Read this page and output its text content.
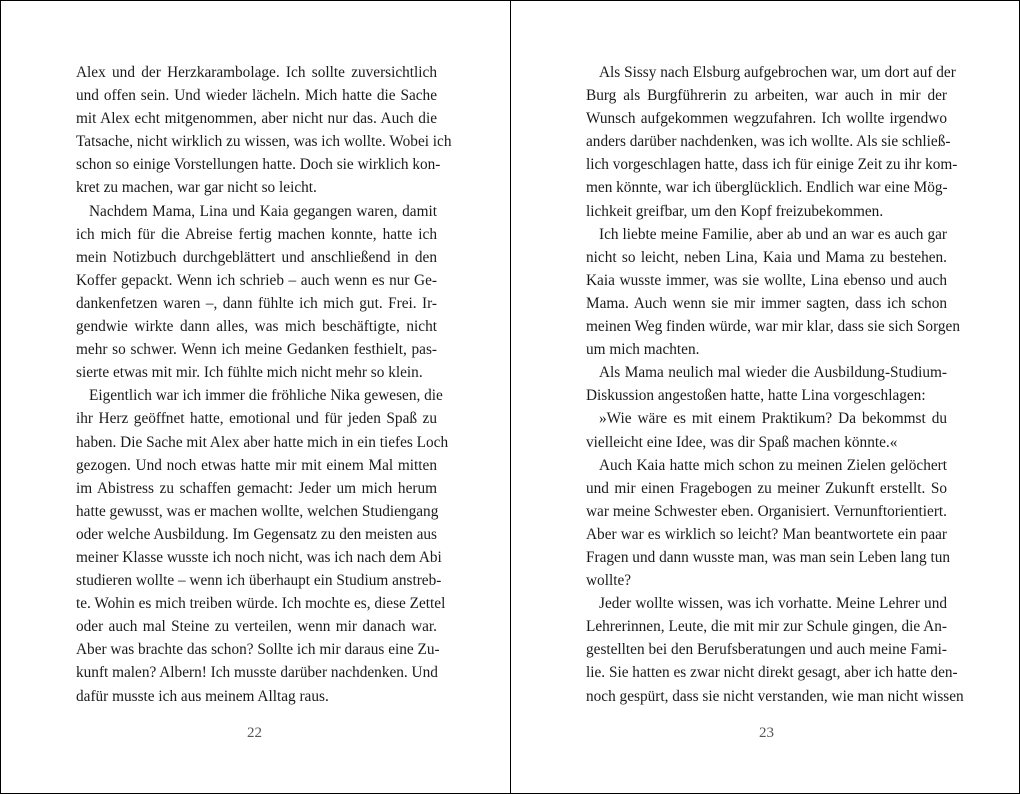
Alex und der Herzkarambolage. Ich sollte zuversichtlich
und offen sein. Und wieder lächeln. Mich hatte die Sache
mit Alex echt mitgenommen, aber nicht nur das. Auch die
Tatsache, nicht wirklich zu wissen, was ich wollte. Wobei ich
schon so einige Vorstellungen hatte. Doch sie wirklich kon-
kret zu machen, war gar nicht so leicht.
Nachdem Mama, Lina und Kaia gegangen waren, damit
ich mich für die Abreise fertig machen konnte, hatte ich
mein Notizbuch durchgeblättert und anschließend in den
Koffer gepackt. Wenn ich schrieb – auch wenn es nur Ge-
dankenfetzen waren –, dann fühlte ich mich gut. Frei. Ir-
gendwie wirkte dann alles, was mich beschäftigte, nicht
mehr so schwer. Wenn ich meine Gedanken festhielt, pas-
sierte etwas mit mir. Ich fühlte mich nicht mehr so klein.
Eigentlich war ich immer die fröhliche Nika gewesen, die
ihr Herz geöffnet hatte, emotional und für jeden Spaß zu
haben. Die Sache mit Alex aber hatte mich in ein tiefes Loch
gezogen. Und noch etwas hatte mir mit einem Mal mitten
im Abistress zu schaffen gemacht: Jeder um mich herum
hatte gewusst, was er machen wollte, welchen Studiengang
oder welche Ausbildung. Im Gegensatz zu den meisten aus
meiner Klasse wusste ich noch nicht, was ich nach dem Abi
studieren wollte – wenn ich überhaupt ein Studium anstreb-
te. Wohin es mich treiben würde. Ich mochte es, diese Zettel
oder auch mal Steine zu verteilen, wenn mir danach war.
Aber was brachte das schon? Sollte ich mir daraus eine Zu-
kunft malen? Albern! Ich musste darüber nachdenken. Und
dafür musste ich aus meinem Alltag raus.
22
Als Sissy nach Elsburg aufgebrochen war, um dort auf der
Burg als Burgführerin zu arbeiten, war auch in mir der
Wunsch aufgekommen wegzufahren. Ich wollte irgendwo
anders darüber nachdenken, was ich wollte. Als sie schließ-
lich vorgeschlagen hatte, dass ich für einige Zeit zu ihr kom-
men könnte, war ich überglücklich. Endlich war eine Mög-
lichkeit greifbar, um den Kopf freizubekommen.
Ich liebte meine Familie, aber ab und an war es auch gar
nicht so leicht, neben Lina, Kaia und Mama zu bestehen.
Kaia wusste immer, was sie wollte, Lina ebenso und auch
Mama. Auch wenn sie mir immer sagten, dass ich schon
meinen Weg finden würde, war mir klar, dass sie sich Sorgen
um mich machten.
Als Mama neulich mal wieder die Ausbildung-Studium-
Diskussion angestoßen hatte, hatte Lina vorgeschlagen:
»Wie wäre es mit einem Praktikum? Da bekommst du
vielleicht eine Idee, was dir Spaß machen könnte.«
Auch Kaia hatte mich schon zu meinen Zielen gelöchert
und mir einen Fragebogen zu meiner Zukunft erstellt. So
war meine Schwester eben. Organisiert. Vernunftorientiert.
Aber war es wirklich so leicht? Man beantwortete ein paar
Fragen und dann wusste man, was man sein Leben lang tun
wollte?
Jeder wollte wissen, was ich vorhatte. Meine Lehrer und
Lehrerinnen, Leute, die mit mir zur Schule gingen, die An-
gestellten bei den Berufsberatungen und auch meine Fami-
lie. Sie hatten es zwar nicht direkt gesagt, aber ich hatte den-
noch gespürt, dass sie nicht verstanden, wie man nicht wissen
23
